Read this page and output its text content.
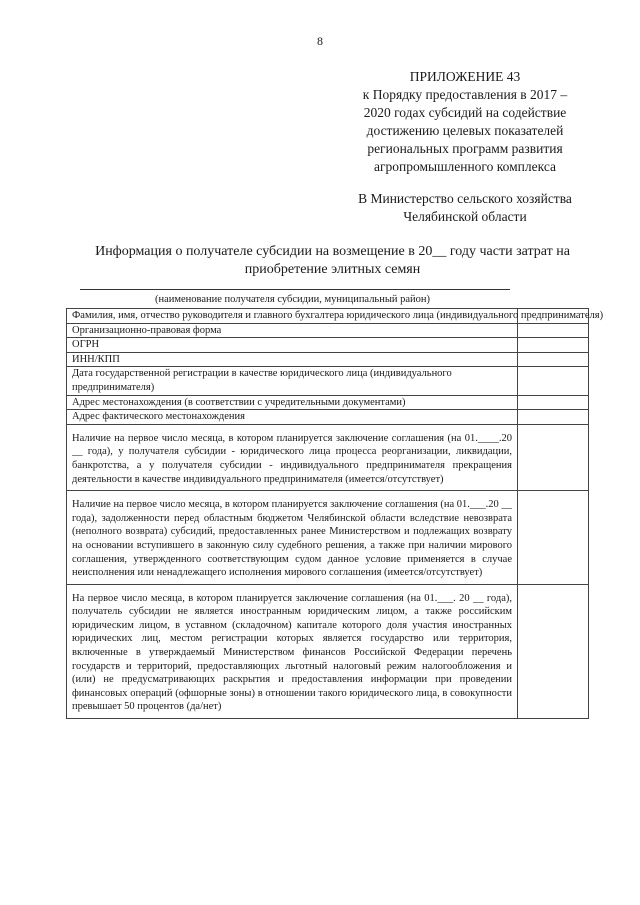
8
ПРИЛОЖЕНИЕ 43
к Порядку предоставления в 2017 –
2020 годах субсидий на содействие
достижению целевых показателей
региональных программ развития
агропромышленного комплекса
В Министерство сельского хозяйства
Челябинской области
Информация о получателе субсидии на возмещение в 20__ году части затрат на приобретение элитных семян
(наименование получателя субсидии, муниципальный район)
Фамилия, имя, отчество руководителя и главного бухгалтера юридического лица (индивидуального предпринимателя)	
Организационно-правовая форма	
ОГРН	
ИНН/КПП	
Дата государственной регистрации в качестве юридического лица (индивидуального предпринимателя)	
Адрес местонахождения (в соответствии с учредительными документами)	
Адрес фактического местонахождения	
Наличие на первое число месяца, в котором планируется заключение соглашения (на 01.____.20 __ года), у получателя субсидии - юридического лица процесса реорганизации, ликвидации, банкротства, а у получателя субсидии - индивидуального предпринимателя прекращения деятельности в качестве индивидуального предпринимателя (имеется/отсутствует)	
Наличие на первое число месяца, в котором планируется заключение соглашения (на 01.___.20 __ года), задолженности перед областным бюджетом Челябинской области вследствие невозврата (неполного возврата) субсидий, предоставленных ранее Министерством и подлежащих возврату на основании вступившего в законную силу судебного решения, а также при наличии мирового соглашения, утвержденного соответствующим судом данное условие применяется в случае неисполнения или ненадлежащего исполнения мирового соглашения (имеется/отсутствует)	
На первое число месяца, в котором планируется заключение соглашения (на 01.___. 20 __ года), получатель субсидии не является иностранным юридическим лицом, а также российским юридическим лицом, в уставном (складочном) капитале которого доля участия иностранных юридических лиц, местом регистрации которых является государство или территория, включенные в утверждаемый Министерством финансов Российской Федерации перечень государств и территорий, предоставляющих льготный налоговый режим налогообложения и (или) не предусматривающих раскрытия и предоставления информации при проведении финансовых операций (офшорные зоны) в отношении такого юридического лица, в совокупности превышает 50 процентов (да/нет)	
